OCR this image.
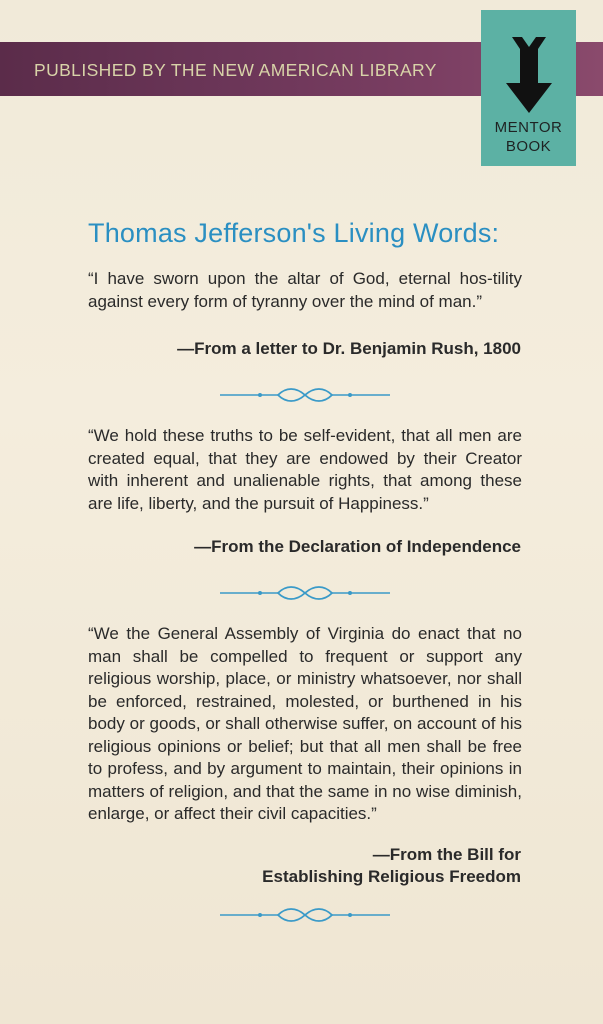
PUBLISHED BY THE NEW AMERICAN LIBRARY
MENTOR
BOOK
Thomas Jefferson's Living Words:
“I have sworn upon the altar of God, eternal hos-tility against every form of tyranny over the mind of man.”
—From a letter to Dr. Benjamin Rush, 1800
“We hold these truths to be self-evident, that all men are created equal, that they are endowed by their Creator with inherent and unalienable rights, that among these are life, liberty, and the pursuit of Happiness.”
—From the Declaration of Independence
“We the General Assembly of Virginia do enact that no man shall be compelled to frequent or support any religious worship, place, or ministry whatsoever, nor shall be enforced, restrained, molested, or burthened in his body or goods, or shall otherwise suffer, on account of his religious opinions or belief; but that all men shall be free to profess, and by argument to maintain, their opinions in matters of religion, and that the same in no wise diminish, enlarge, or affect their civil capacities.”
—From the Bill for
Establishing Religious Freedom
